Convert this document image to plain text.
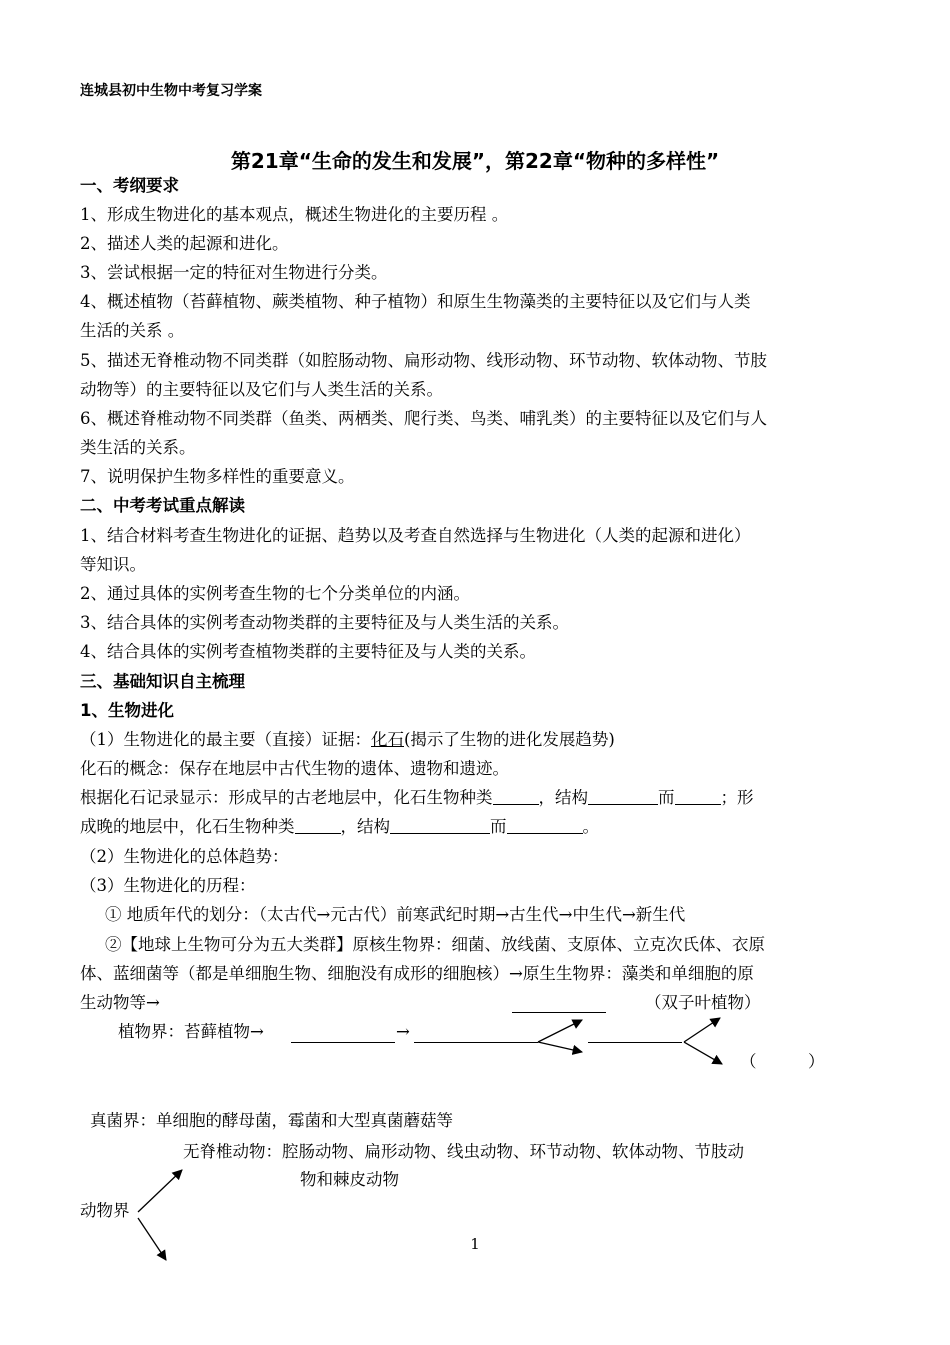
连城县初中生物中考复习学案
第21章“生命的发生和发展”，第22章“物种的多样性”
一、考纲要求
1、形成生物进化的基本观点，概述生物进化的主要历程 。
2、描述人类的起源和进化。
3、尝试根据一定的特征对生物进行分类。
4、概述植物（苔藓植物、蕨类植物、种子植物）和原生生物藻类的主要特征以及它们与人类
生活的关系 。
5、描述无脊椎动物不同类群（如腔肠动物、扁形动物、线形动物、环节动物、软体动物、节肢
动物等）的主要特征以及它们与人类生活的关系。
6、概述脊椎动物不同类群（鱼类、两栖类、爬行类、鸟类、哺乳类）的主要特征以及它们与人
类生活的关系。
7、说明保护生物多样性的重要意义。
二、中考考试重点解读
1、结合材料考查生物进化的证据、趋势以及考查自然选择与生物进化（人类的起源和进化）
等知识。
2、通过具体的实例考查生物的七个分类单位的内涵。
3、结合具体的实例考查动物类群的主要特征及与人类生活的关系。
4、结合具体的实例考查植物类群的主要特征及与人类的关系。
三、基础知识自主梳理
1、生物进化
（1）生物进化的最主要（直接）证据：化石(揭示了生物的进化发展趋势)
化石的概念：保存在地层中古代生物的遗体、遗物和遗迹。
根据化石记录显示：形成早的古老地层中，化石生物种类	，结构	而	；形
成晚的地层中，化石生物种类	，结构	而	。
（2）生物进化的总体趋势：
（3）生物进化的历程：
① 地质年代的划分：（太古代→元古代）前寒武纪时期→古生代→中生代→新生代
②【地球上生物可分为五大类群】原核生物界：细菌、放线菌、支原体、立克次氏体、衣原
体、蓝细菌等（都是单细胞生物、细胞没有成形的细胞核）→原生生物界：藻类和单细胞的原
生动物等→	（双子叶植物）
植物界：苔藓植物→	→
（	）
真菌界：单细胞的酵母菌，霉菌和大型真菌蘑菇等
无脊椎动物：腔肠动物、扁形动物、线虫动物、环节动物、软体动物、节肢动
物和棘皮动物
动物界
1
